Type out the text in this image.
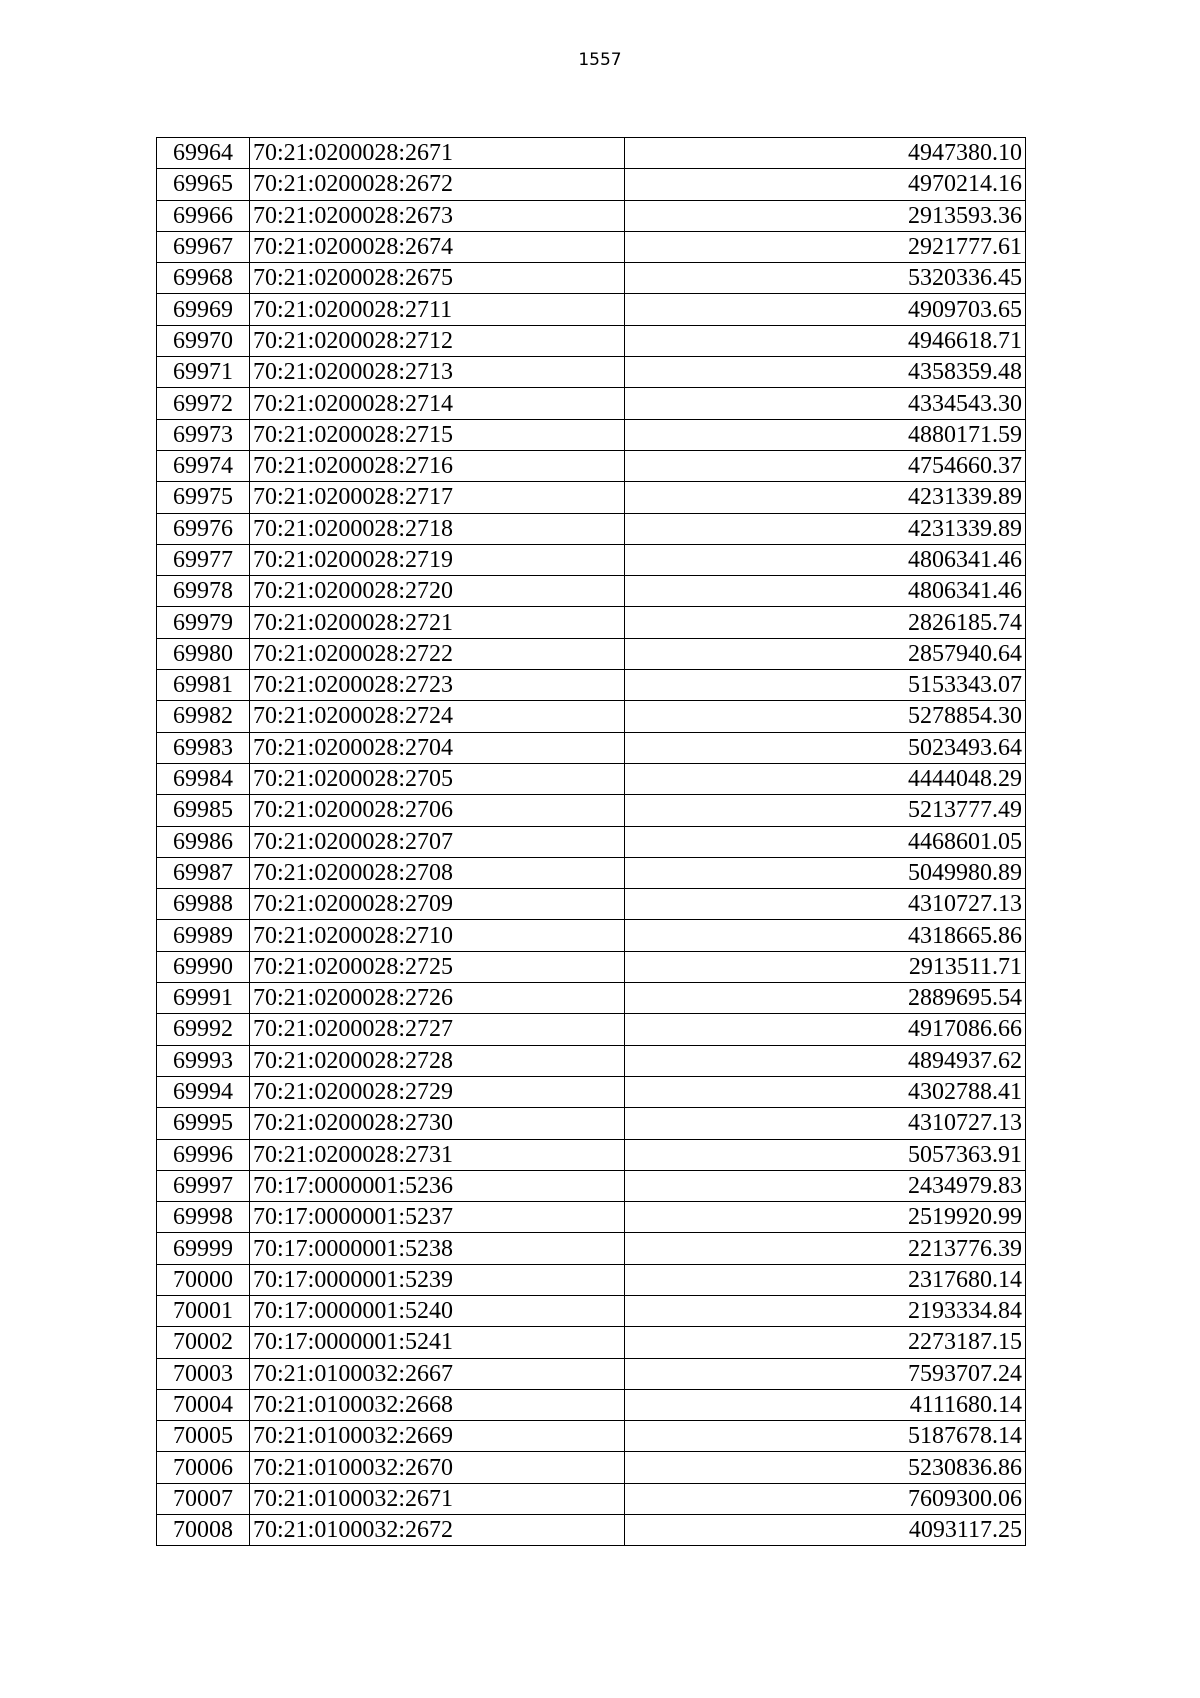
1557
69964	70:21:0200028:2671	4947380.10
69965	70:21:0200028:2672	4970214.16
69966	70:21:0200028:2673	2913593.36
69967	70:21:0200028:2674	2921777.61
69968	70:21:0200028:2675	5320336.45
69969	70:21:0200028:2711	4909703.65
69970	70:21:0200028:2712	4946618.71
69971	70:21:0200028:2713	4358359.48
69972	70:21:0200028:2714	4334543.30
69973	70:21:0200028:2715	4880171.59
69974	70:21:0200028:2716	4754660.37
69975	70:21:0200028:2717	4231339.89
69976	70:21:0200028:2718	4231339.89
69977	70:21:0200028:2719	4806341.46
69978	70:21:0200028:2720	4806341.46
69979	70:21:0200028:2721	2826185.74
69980	70:21:0200028:2722	2857940.64
69981	70:21:0200028:2723	5153343.07
69982	70:21:0200028:2724	5278854.30
69983	70:21:0200028:2704	5023493.64
69984	70:21:0200028:2705	4444048.29
69985	70:21:0200028:2706	5213777.49
69986	70:21:0200028:2707	4468601.05
69987	70:21:0200028:2708	5049980.89
69988	70:21:0200028:2709	4310727.13
69989	70:21:0200028:2710	4318665.86
69990	70:21:0200028:2725	2913511.71
69991	70:21:0200028:2726	2889695.54
69992	70:21:0200028:2727	4917086.66
69993	70:21:0200028:2728	4894937.62
69994	70:21:0200028:2729	4302788.41
69995	70:21:0200028:2730	4310727.13
69996	70:21:0200028:2731	5057363.91
69997	70:17:0000001:5236	2434979.83
69998	70:17:0000001:5237	2519920.99
69999	70:17:0000001:5238	2213776.39
70000	70:17:0000001:5239	2317680.14
70001	70:17:0000001:5240	2193334.84
70002	70:17:0000001:5241	2273187.15
70003	70:21:0100032:2667	7593707.24
70004	70:21:0100032:2668	4111680.14
70005	70:21:0100032:2669	5187678.14
70006	70:21:0100032:2670	5230836.86
70007	70:21:0100032:2671	7609300.06
70008	70:21:0100032:2672	4093117.25
